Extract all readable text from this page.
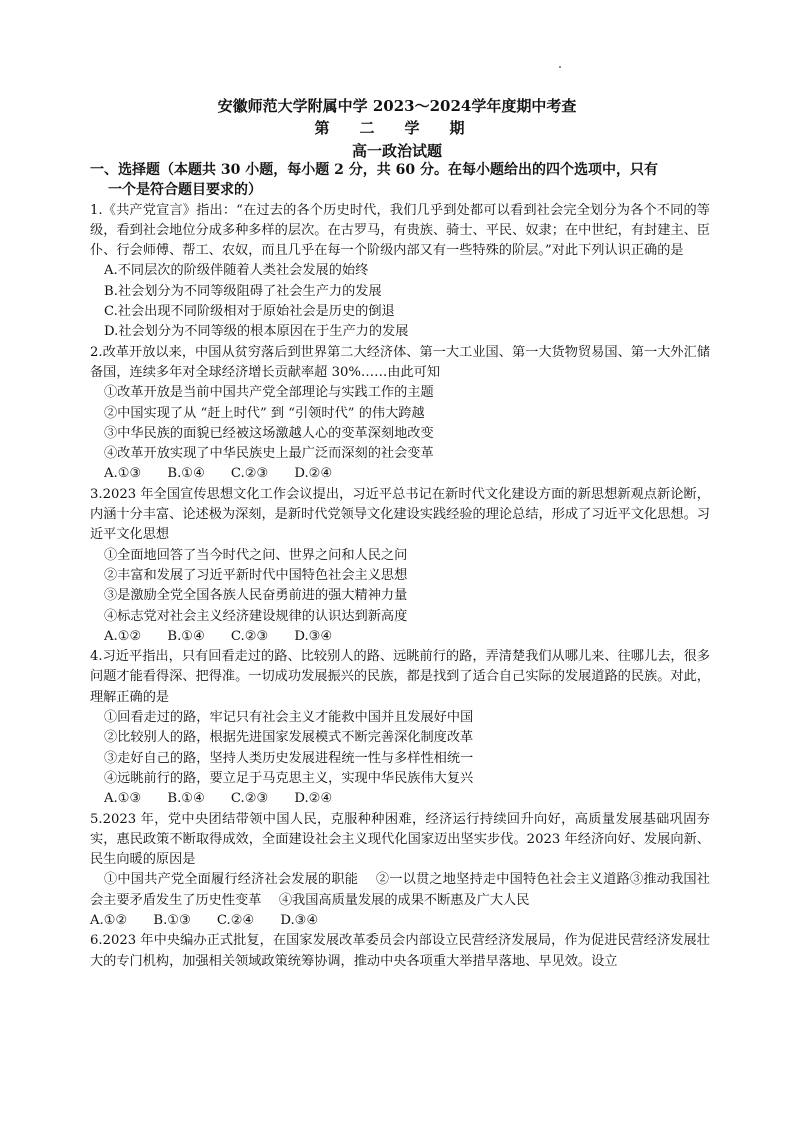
安徽师范大学附属中学 2023～2024学年度期中考查
第二学期
高一政治试题
一、选择题（本题共 30 小题，每小题 2 分，共 60 分。在每小题给出的四个选项中，只有
一个是符合题目要求的）
1.《共产党宣言》指出：“在过去的各个历史时代，我们几乎到处都可以看到社会完全划分为各个不同的等级，看到社会地位分成多种多样的层次。在古罗马，有贵族、骑士、平民、奴隶；在中世纪，有封建主、臣仆、行会师傅、帮工、农奴，而且几乎在每一个阶级内部又有一些特殊的阶层。”对此下列认识正确的是
A.不同层次的阶级伴随着人类社会发展的始终
B.社会划分为不同等级阻碍了社会生产力的发展
C.社会出现不同阶级相对于原始社会是历史的倒退
D.社会划分为不同等级的根本原因在于生产力的发展
2.改革开放以来，中国从贫穷落后到世界第二大经济体、第一大工业国、第一大货物贸易国、第一大外汇储备国，连续多年对全球经济增长贡献率超 30%……由此可知
①改革开放是当前中国共产党全部理论与实践工作的主题
②中国实现了从 “赶上时代” 到 “引领时代” 的伟大跨越
③中华民族的面貌已经被这场激越人心的变革深刻地改变
④改革开放实现了中华民族史上最广泛而深刻的社会变革
A.①③ B.①④ C.②③ D.②④
3.2023 年全国宣传思想文化工作会议提出，习近平总书记在新时代文化建设方面的新思想新观点新论断，内涵十分丰富、论述极为深刻，是新时代党领导文化建设实践经验的理论总结，形成了习近平文化思想。习近平文化思想
①全面地回答了当今时代之问、世界之问和人民之问
②丰富和发展了习近平新时代中国特色社会主义思想
③是激励全党全国各族人民奋勇前进的强大精神力量
④标志党对社会主义经济建设规律的认识达到新高度
A.①② B.①④ C.②③ D.③④
4.习近平指出，只有回看走过的路、比较别人的路、远眺前行的路，弄清楚我们从哪儿来、往哪儿去，很多问题才能看得深、把得准。一切成功发展振兴的民族，都是找到了适合自己实际的发展道路的民族。对此，理解正确的是
①回看走过的路，牢记只有社会主义才能救中国并且发展好中国
②比较别人的路，根据先进国家发展模式不断完善深化制度改革
③走好自己的路，坚持人类历史发展进程统一性与多样性相统一
④远眺前行的路，要立足于马克思主义，实现中华民族伟大复兴
A.①③ B.①④ C.②③ D.②④
5.2023 年，党中央团结带领中国人民，克服种种困难，经济运行持续回升向好，高质量发展基础巩固夯实，惠民政策不断取得成效，全面建设社会主义现代化国家迈出坚实步伐。2023 年经济向好、发展向新、民生向暖的原因是
①中国共产党全面履行经济社会发展的职能　 ②一以贯之地坚持走中国特色社会主义道路③推动我国社会主要矛盾发生了历史性变革　 ④我国高质量发展的成果不断惠及广大人民
A.①② B.①③ C.②④ D.③④
6.2023 年中央编办正式批复，在国家发展改革委员会内部设立民营经济发展局，作为促进民营经济发展壮大的专门机构，加强相关领域政策统筹协调，推动中央各项重大举措早落地、早见效。设立
